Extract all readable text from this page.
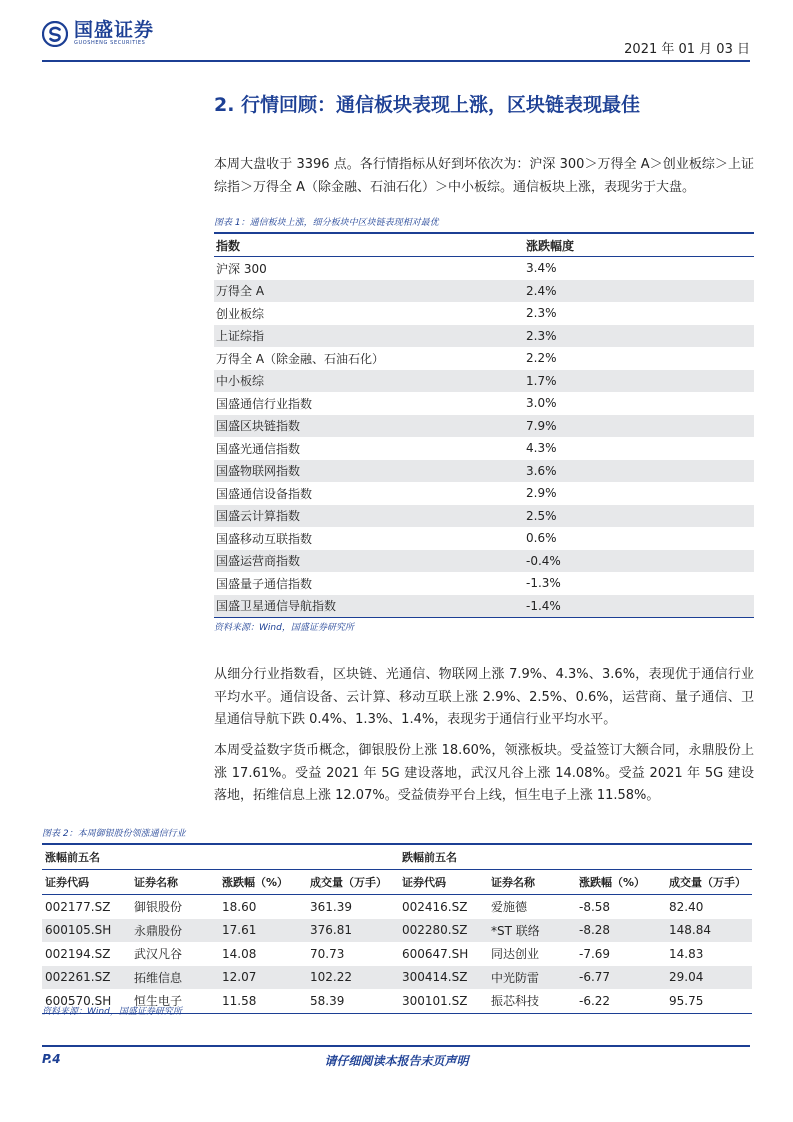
国盛证券
GUOSHENG SECURITIES	2021 年 01 月 03 日
2. 行情回顾：通信板块表现上涨，区块链表现最佳
本周大盘收于 3396 点。各行情指标从好到坏依次为：沪深 300＞万得全 A＞创业板综＞上证综指＞万得全 A（除金融、石油石化）＞中小板综。通信板块上涨，表现劣于大盘。
图表 1：通信板块上涨，细分板块中区块链表现相对最优
指数	涨跌幅度
沪深 300	3.4%
万得全 A	2.4%
创业板综	2.3%
上证综指	2.3%
万得全 A（除金融、石油石化）	2.2%
中小板综	1.7%
国盛通信行业指数	3.0%
国盛区块链指数	7.9%
国盛光通信指数	4.3%
国盛物联网指数	3.6%
国盛通信设备指数	2.9%
国盛云计算指数	2.5%
国盛移动互联指数	0.6%
国盛运营商指数	-0.4%
国盛量子通信指数	-1.3%
国盛卫星通信导航指数	-1.4%
资料来源：Wind，国盛证券研究所
从细分行业指数看，区块链、光通信、物联网上涨 7.9%、4.3%、3.6%，表现优于通信行业平均水平。通信设备、云计算、移动互联上涨 2.9%、2.5%、0.6%，运营商、量子通信、卫星通信导航下跌 0.4%、1.3%、1.4%，表现劣于通信行业平均水平。
本周受益数字货币概念，御银股份上涨 18.60%，领涨板块。受益签订大额合同，永鼎股份上涨 17.61%。受益 2021 年 5G 建设落地，武汉凡谷上涨 14.08%。受益 2021 年 5G 建设落地，拓维信息上涨 12.07%。受益债券平台上线，恒生电子上涨 11.58%。
图表 2：本周御银股份领涨通信行业
涨幅前五名	跌幅前五名
证券代码	证券名称	涨跌幅（%）	成交量（万手）	证券代码	证券名称	涨跌幅（%）	成交量（万手）
002177.SZ	御银股份	18.60	361.39	002416.SZ	爱施德	-8.58	82.40
600105.SH	永鼎股份	17.61	376.81	002280.SZ	*ST 联络	-8.28	148.84
002194.SZ	武汉凡谷	14.08	70.73	600647.SH	同达创业	-7.69	14.83
002261.SZ	拓维信息	12.07	102.22	300414.SZ	中光防雷	-6.77	29.04
600570.SH	恒生电子	11.58	58.39	300101.SZ	振芯科技	-6.22	95.75
资料来源：Wind，国盛证券研究所
P.4	请仔细阅读本报告末页声明
